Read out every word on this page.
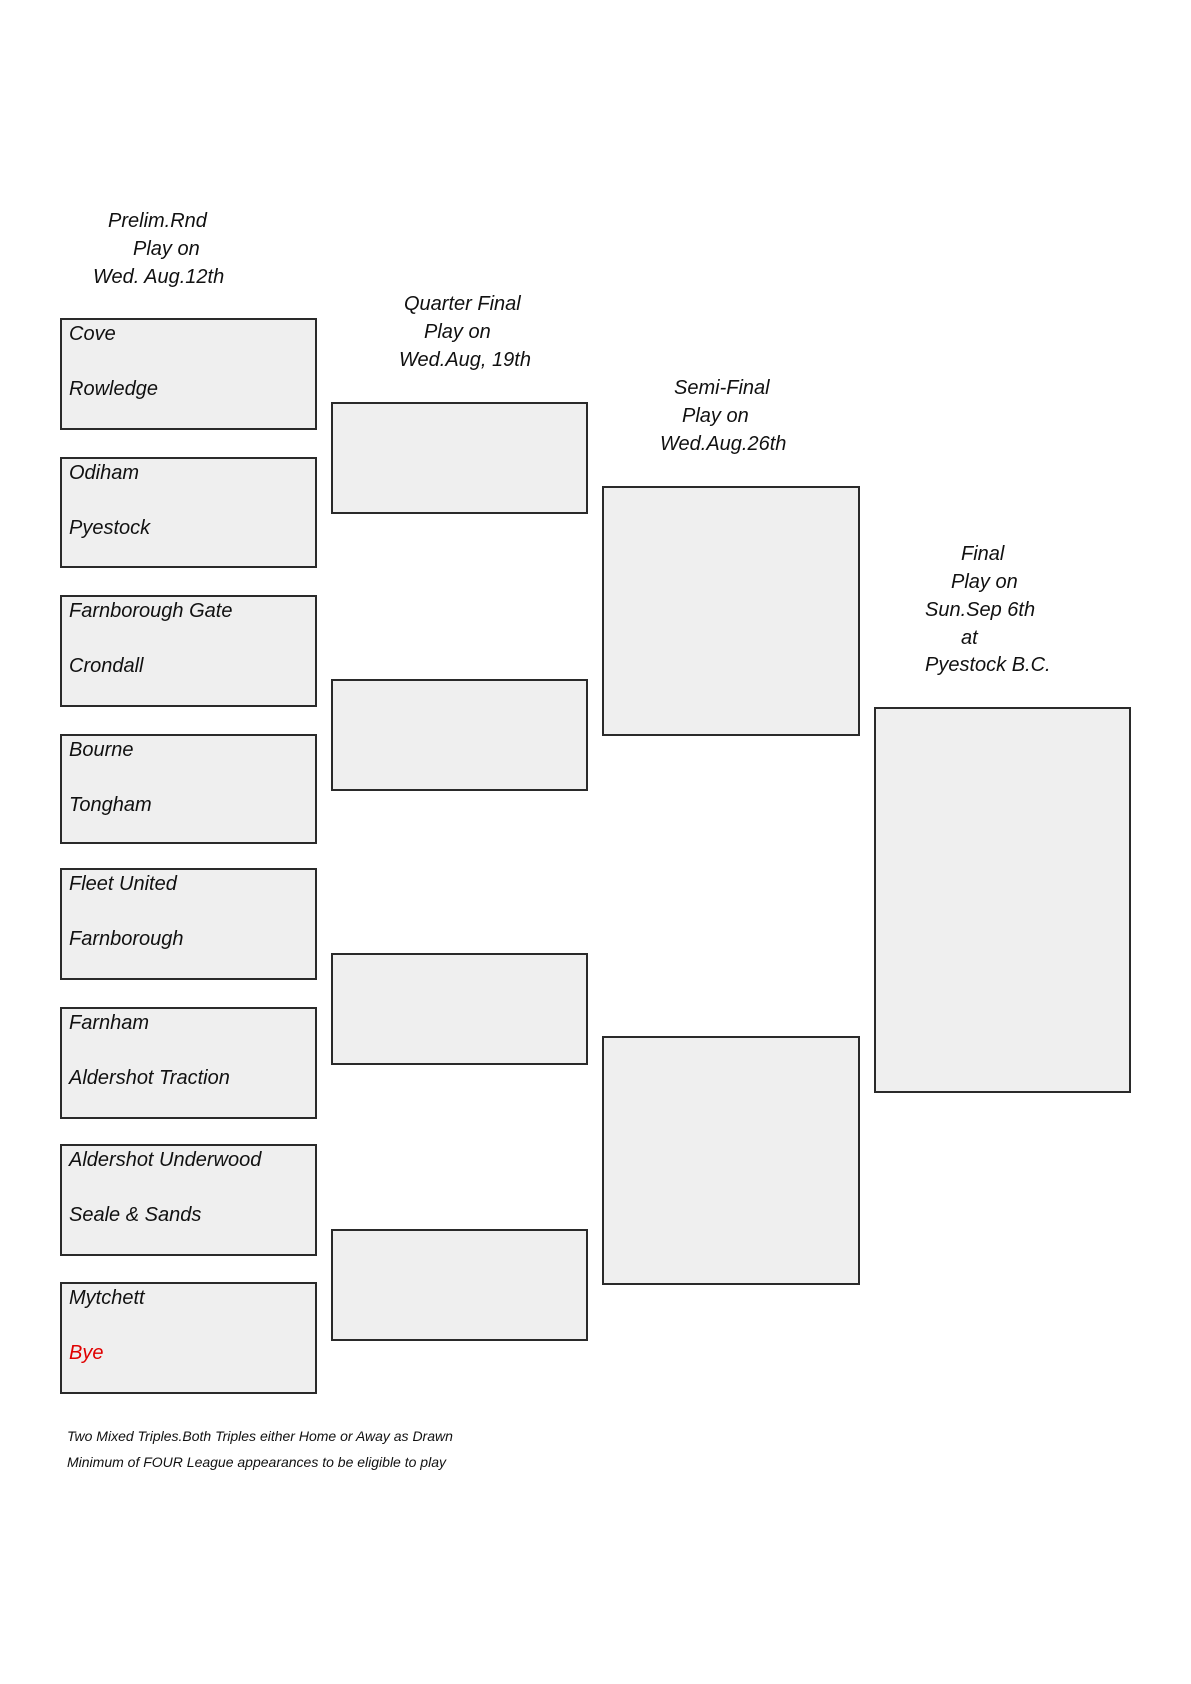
Prelim.Rnd
Play on
Wed. Aug.12th
Quarter Final
Play on
Wed.Aug, 19th
Semi-Final
Play on
Wed.Aug.26th
Final
Play on
Sun.Sep 6th
at
Pyestock B.C.
Cove
Rowledge
Odiham
Pyestock
Farnborough Gate
Crondall
Bourne
Tongham
Fleet United
Farnborough
Farnham
Aldershot Traction
Aldershot Underwood
Seale & Sands
Mytchett
Bye
Two Mixed Triples.Both Triples either Home or Away as Drawn
Minimum of FOUR League appearances to be eligible to play
